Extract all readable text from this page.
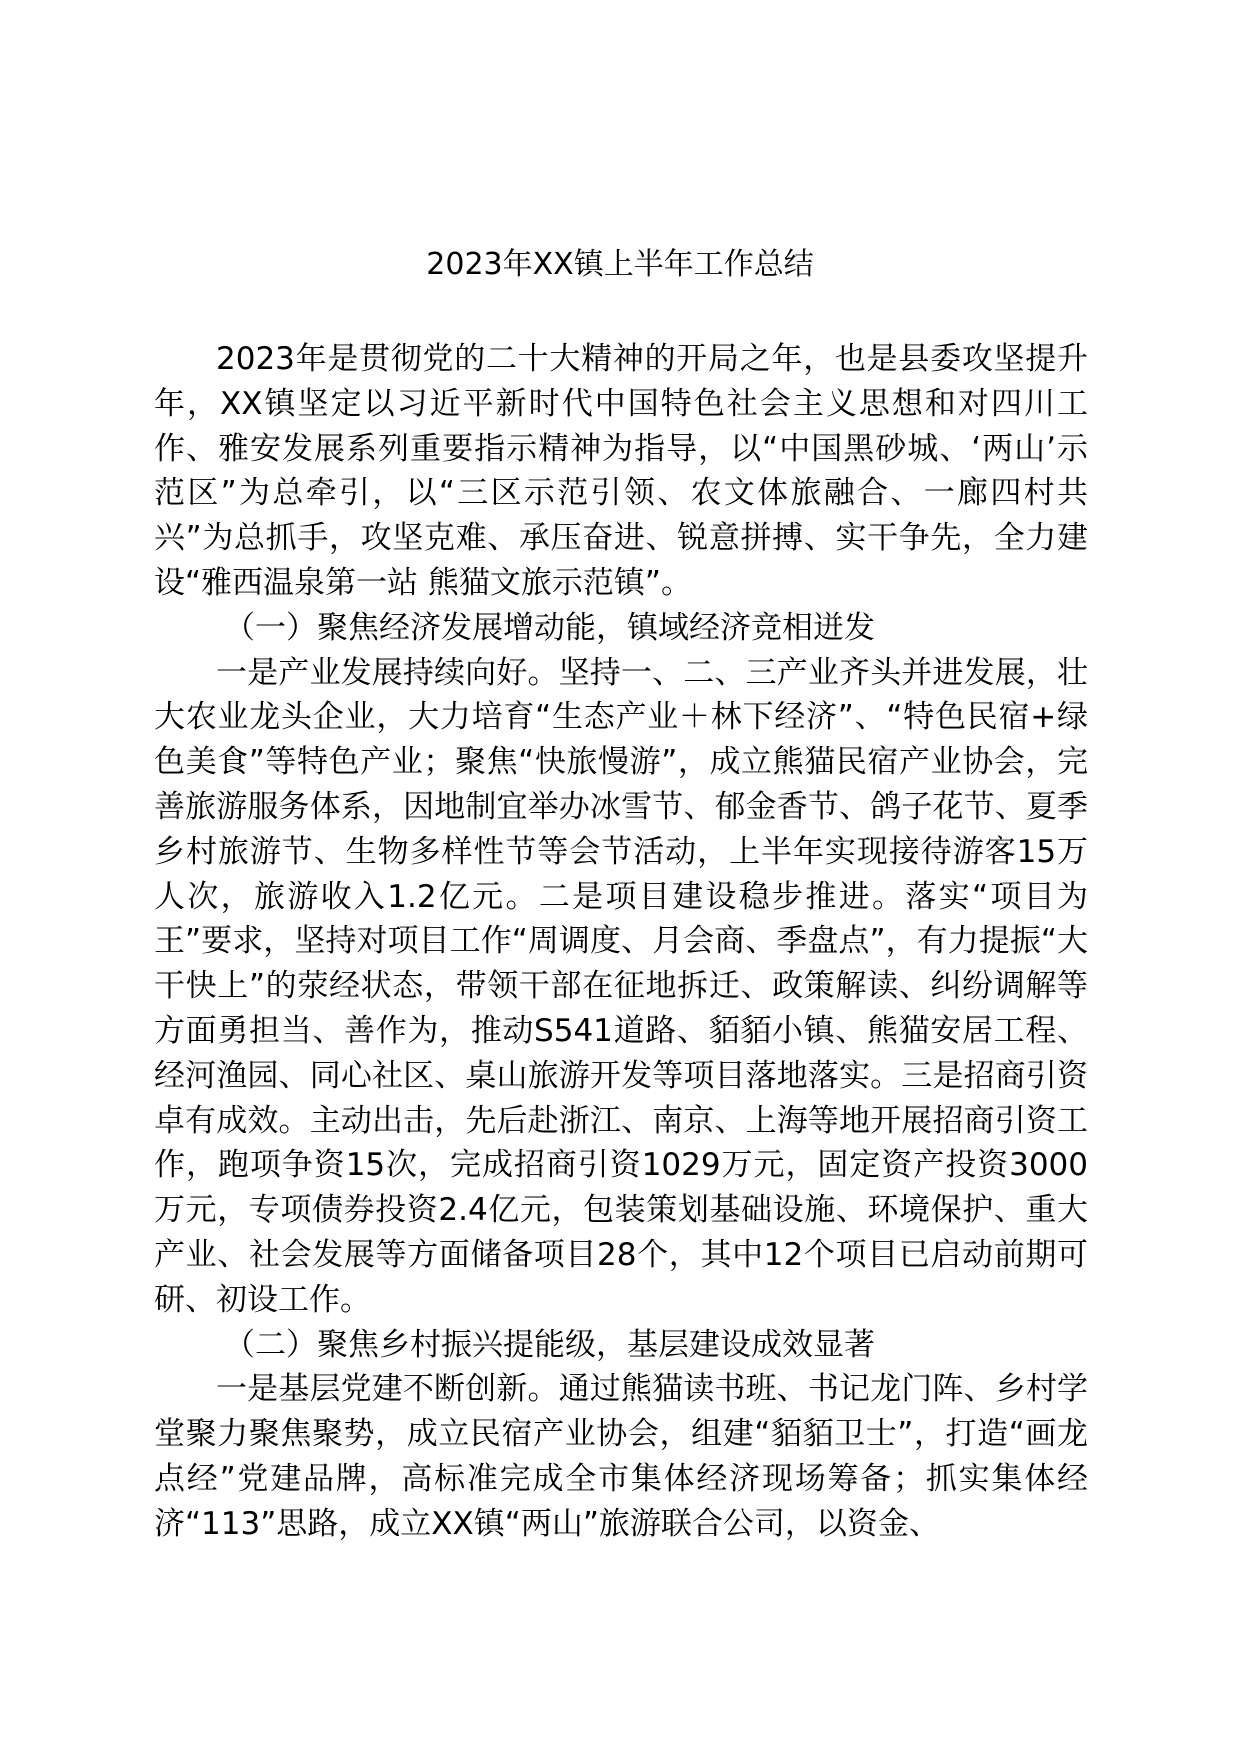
2023年XX镇上半年工作总结

2023年是贯彻党的二十大精神的开局之年，也是县委攻坚提升年，XX镇坚定以习近平新时代中国特色社会主义思想和对四川工作、雅安发展系列重要指示精神为指导，以“中国黑砂城、‘两山’示范区”为总牵引，以“三区示范引领、农文体旅融合、一廊四村共兴”为总抓手，攻坚克难、承压奋进、锐意拼搏、实干争先，全力建设“雅西温泉第一站 熊猫文旅示范镇”。

（一）聚焦经济发展增动能，镇域经济竞相迸发

一是产业发展持续向好。坚持一、二、三产业齐头并进发展，壮大农业龙头企业，大力培育“生态产业＋林下经济”、“特色民宿+绿色美食”等特色产业；聚焦“快旅慢游”，成立熊猫民宿产业协会，完善旅游服务体系，因地制宜举办冰雪节、郁金香节、鸽子花节、夏季乡村旅游节、生物多样性节等会节活动，上半年实现接待游客15万人次，旅游收入1.2亿元。二是项目建设稳步推进。落实“项目为王”要求，坚持对项目工作“周调度、月会商、季盘点”，有力提振“大干快上”的荥经状态，带领干部在征地拆迁、政策解读、纠纷调解等方面勇担当、善作为，推动S541道路、貊貊小镇、熊猫安居工程、经河渔园、同心社区、桌山旅游开发等项目落地落实。三是招商引资卓有成效。主动出击，先后赴浙江、南京、上海等地开展招商引资工作，跑项争资15次，完成招商引资1029万元，固定资产投资3000万元，专项债券投资2.4亿元，包装策划基础设施、环境保护、重大产业、社会发展等方面储备项目28个，其中12个项目已启动前期可研、初设工作。

（二）聚焦乡村振兴提能级，基层建设成效显著

一是基层党建不断创新。通过熊猫读书班、书记龙门阵、乡村学堂聚力聚焦聚势，成立民宿产业协会，组建“貊貊卫士”，打造“画龙点经”党建品牌，高标准完成全市集体经济现场筹备；抓实集体经济“113”思路，成立XX镇“两山”旅游联合公司，以资金、
